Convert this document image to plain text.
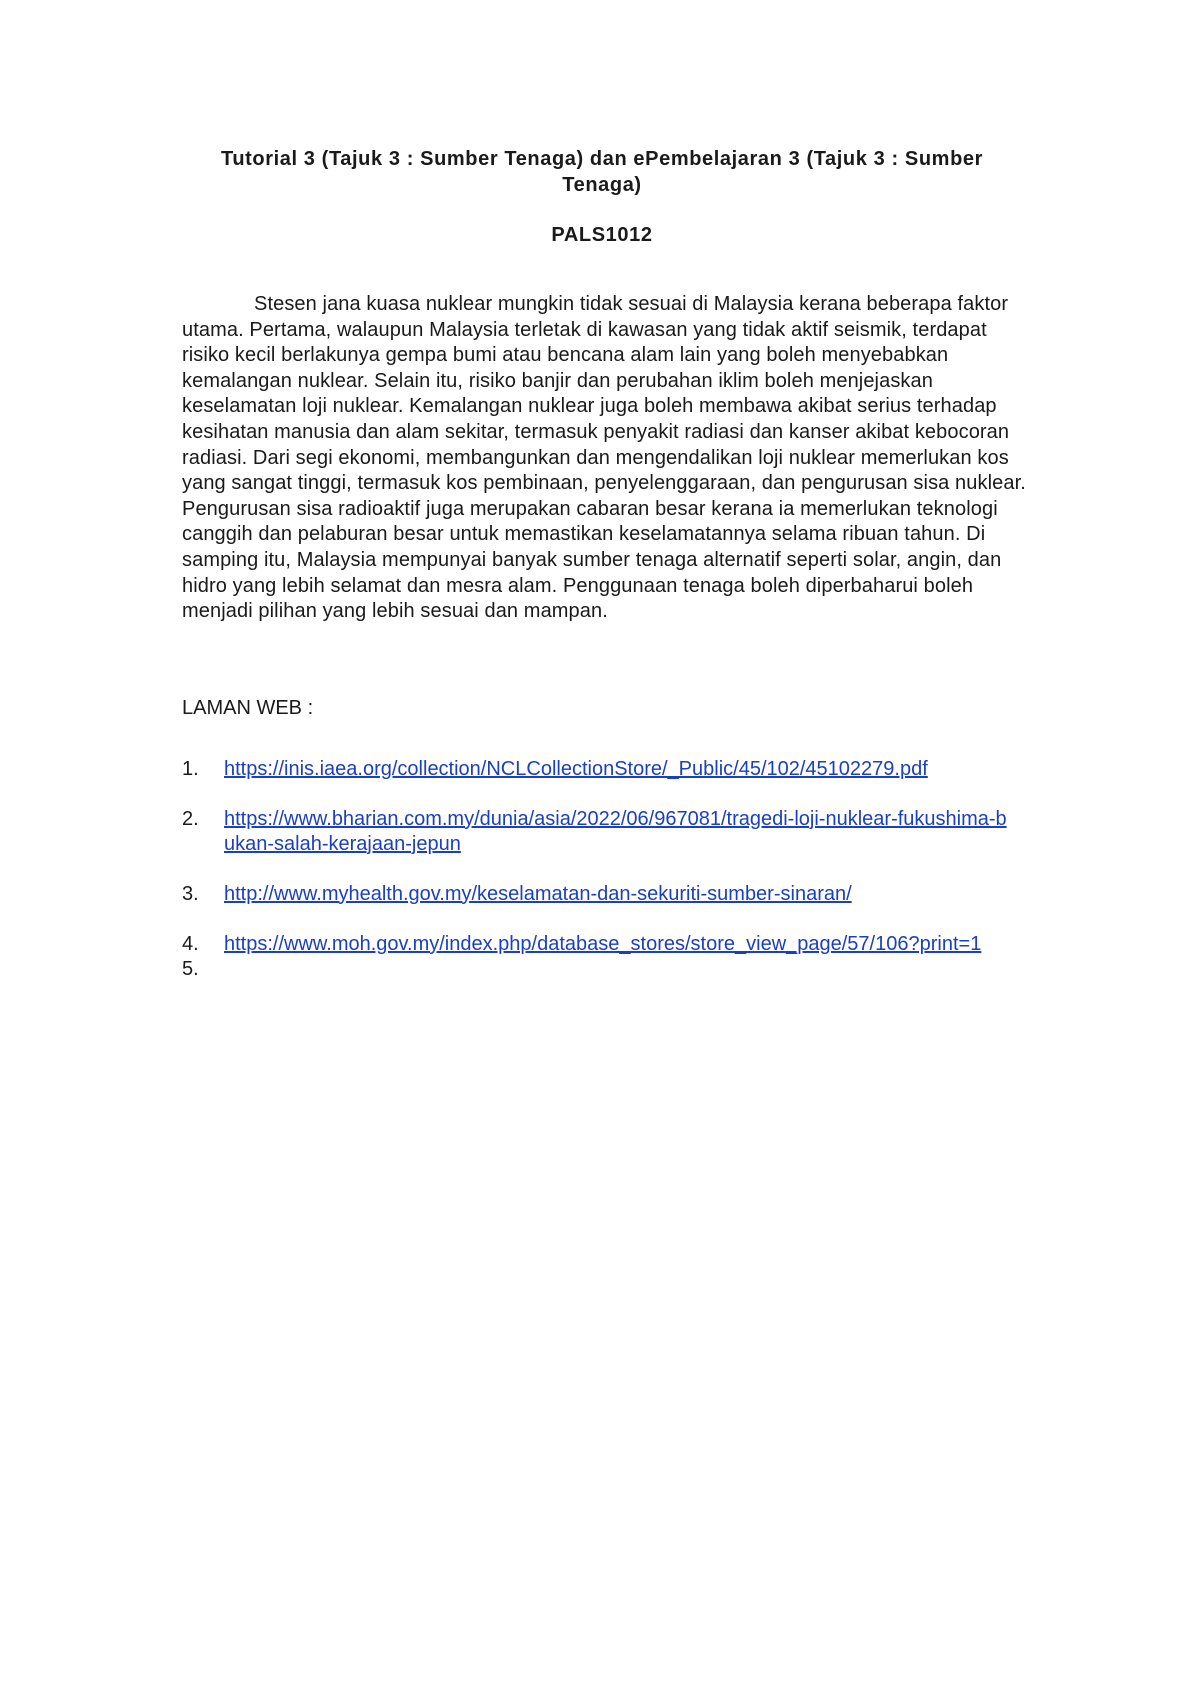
Tutorial 3 (Tajuk 3 : Sumber Tenaga) dan ePembelajaran 3 (Tajuk 3 : Sumber Tenaga)

PALS1012

Stesen jana kuasa nuklear mungkin tidak sesuai di Malaysia kerana beberapa faktor utama. Pertama, walaupun Malaysia terletak di kawasan yang tidak aktif seismik, terdapat risiko kecil berlakunya gempa bumi atau bencana alam lain yang boleh menyebabkan kemalangan nuklear. Selain itu, risiko banjir dan perubahan iklim boleh menjejaskan keselamatan loji nuklear. Kemalangan nuklear juga boleh membawa akibat serius terhadap kesihatan manusia dan alam sekitar, termasuk penyakit radiasi dan kanser akibat kebocoran radiasi. Dari segi ekonomi, membangunkan dan mengendalikan loji nuklear memerlukan kos yang sangat tinggi, termasuk kos pembinaan, penyelenggaraan, dan pengurusan sisa nuklear. Pengurusan sisa radioaktif juga merupakan cabaran besar kerana ia memerlukan teknologi canggih dan pelaburan besar untuk memastikan keselamatannya selama ribuan tahun. Di samping itu, Malaysia mempunyai banyak sumber tenaga alternatif seperti solar, angin, dan hidro yang lebih selamat dan mesra alam. Penggunaan tenaga boleh diperbaharui boleh menjadi pilihan yang lebih sesuai dan mampan.

LAMAN WEB :

1. https://inis.iaea.org/collection/NCLCollectionStore/_Public/45/102/45102279.pdf
2. https://www.bharian.com.my/dunia/asia/2022/06/967081/tragedi-loji-nuklear-fukushima-bukan-salah-kerajaan-jepun
3. http://www.myhealth.gov.my/keselamatan-dan-sekuriti-sumber-sinaran/
4. https://www.moh.gov.my/index.php/database_stores/store_view_page/57/106?print=1
5.
